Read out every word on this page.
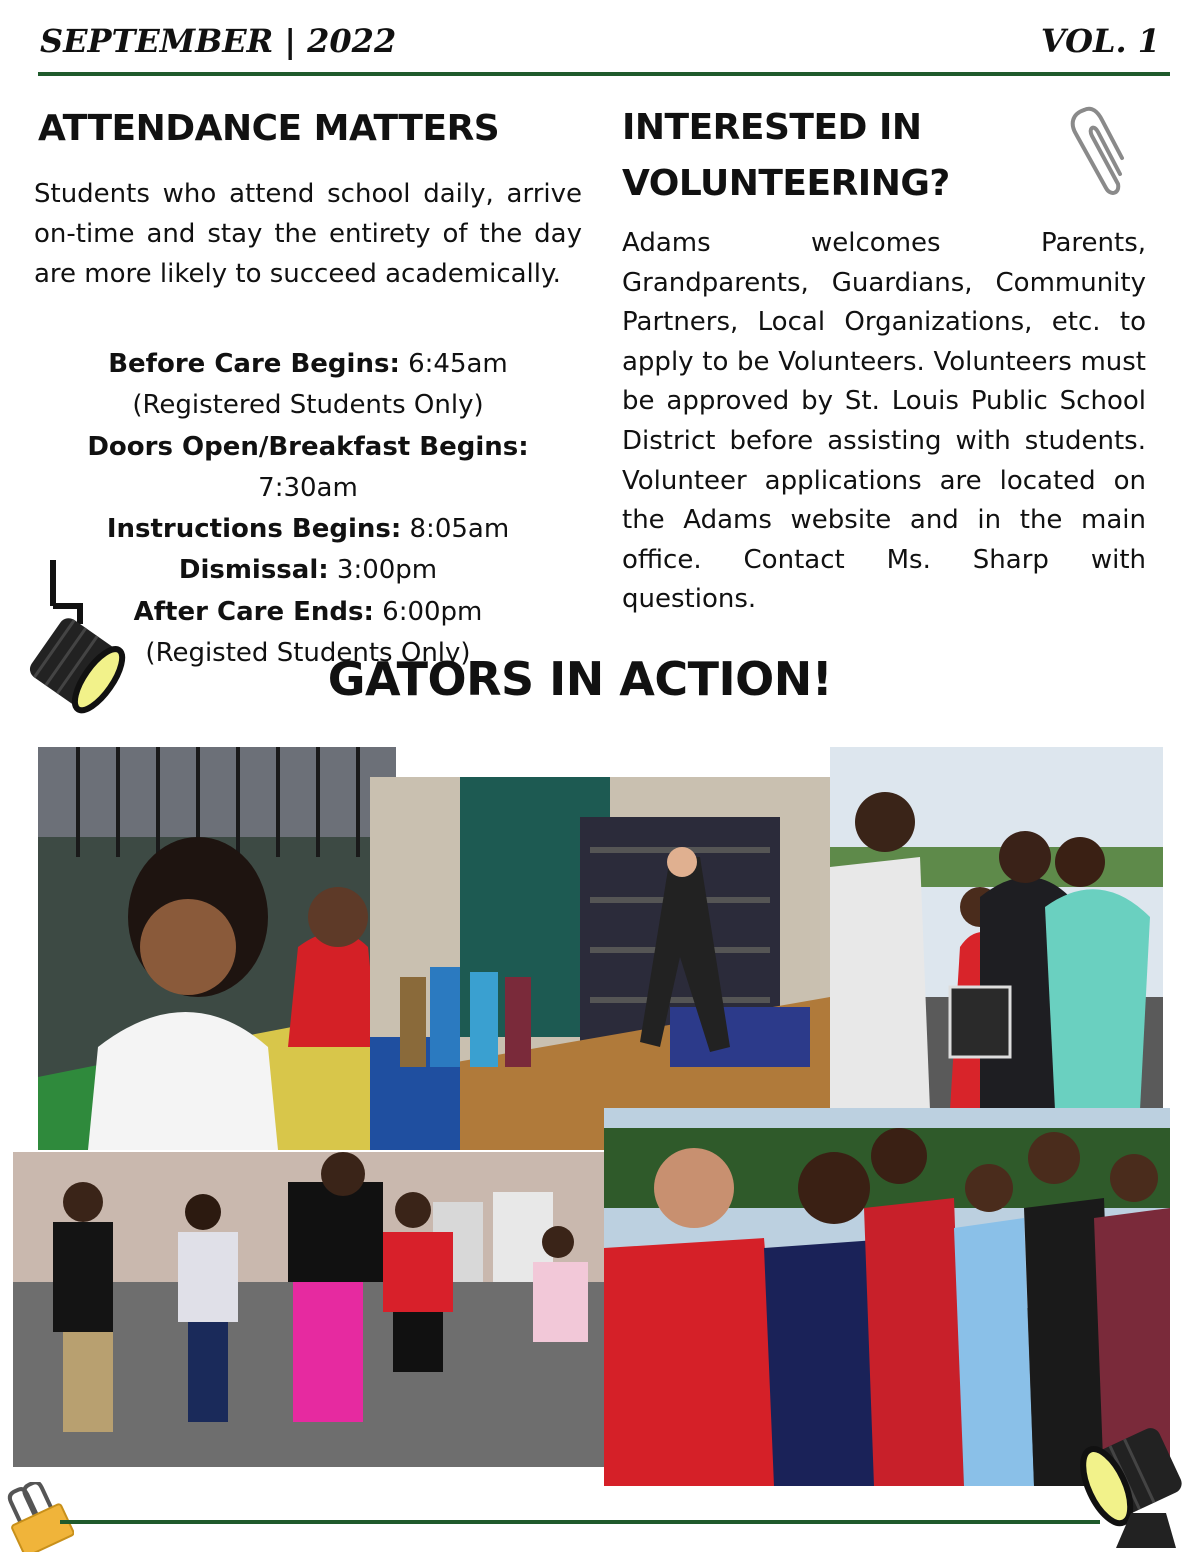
SEPTEMBER | 2022	VOL. 1
ATTENDANCE MATTERS
Students who attend school daily, arrive on-time and stay the entirety of the day are more likely to succeed academically.
Before Care Begins: 6:45am
(Registered Students Only)
Doors Open/Breakfast Begins: 7:30am
Instructions Begins: 8:05am
Dismissal: 3:00pm
After Care Ends: 6:00pm
(Registed Students Only)
INTERESTED IN
VOLUNTEERING?
Adams welcomes Parents, Grandparents, Guardians, Community Partners, Local Organizations, etc. to apply to be Volunteers. Volunteers must be approved by St. Louis Public School District before assisting with students. Volunteer applications are located on the Adams website and in the main office. Contact Ms. Sharp with questions.
GATORS IN ACTION!
